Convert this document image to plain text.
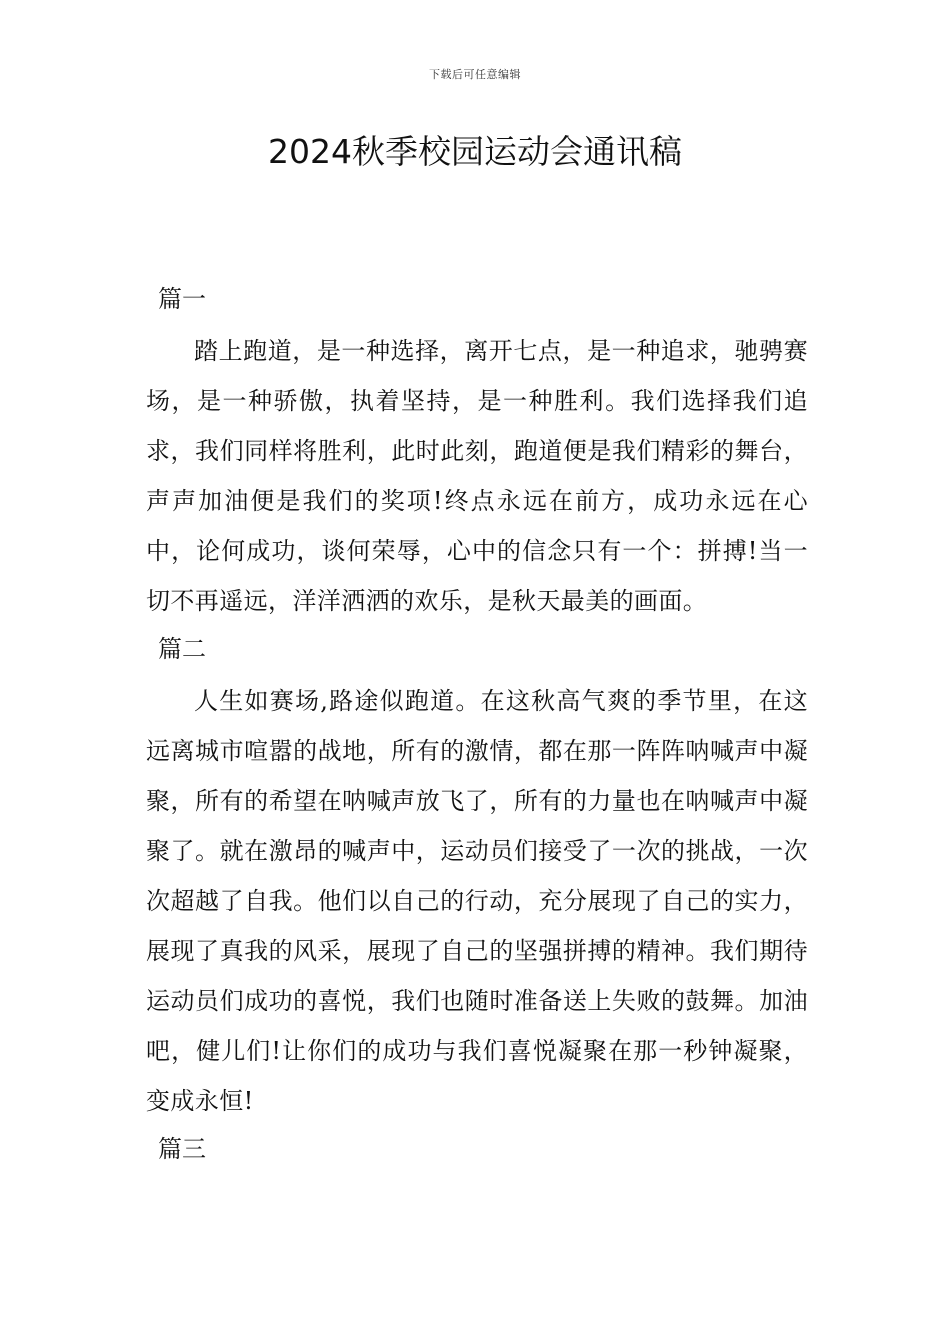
下载后可任意编辑
2024秋季校园运动会通讯稿
篇一

踏上跑道，是一种选择，离开七点，是一种追求，驰骋赛场，是一种骄傲，执着坚持，是一种胜利。我们选择我们追求，我们同样将胜利，此时此刻，跑道便是我们精彩的舞台，声声加油便是我们的奖项!终点永远在前方，成功永远在心中，论何成功，谈何荣辱，心中的信念只有一个：拼搏!当一切不再遥远，洋洋洒洒的欢乐，是秋天最美的画面。

篇二

人生如赛场,路途似跑道。在这秋高气爽的季节里，在这远离城市喧嚣的战地，所有的激情，都在那一阵阵呐喊声中凝聚，所有的希望在呐喊声放飞了，所有的力量也在呐喊声中凝聚了。就在激昂的喊声中，运动员们接受了一次的挑战，一次次超越了自我。他们以自己的行动，充分展现了自己的实力，展现了真我的风采，展现了自己的坚强拼搏的精神。我们期待运动员们成功的喜悦，我们也随时准备送上失败的鼓舞。加油吧，健儿们!让你们的成功与我们喜悦凝聚在那一秒钟凝聚，变成永恒!

篇三
